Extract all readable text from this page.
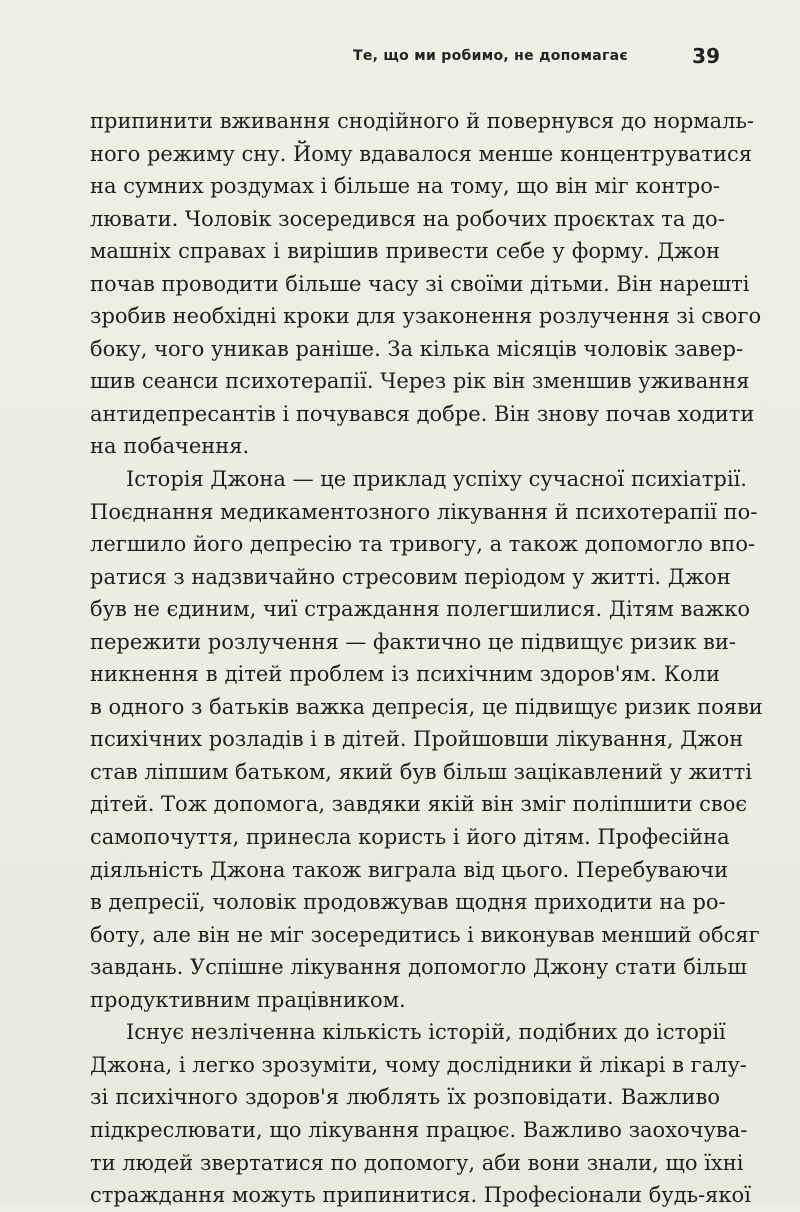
Те, що ми робимо, не допомагає	39
припинити вживання снодійного й повернувся до нормаль-
ного режиму сну. Йому вдавалося менше концентруватися
на сумних роздумах і більше на тому, що він міг контро-
лювати. Чоловік зосередився на робочих проєктах та до-
машніх справах і вирішив привести себе у форму. Джон
почав проводити більше часу зі своїми дітьми. Він нарешті
зробив необхідні кроки для узаконення розлучення зі свого
боку, чого уникав раніше. За кілька місяців чоловік завер-
шив сеанси психотерапії. Через рік він зменшив уживання
антидепресантів і почувався добре. Він знову почав ходити
на побачення.
Історія Джона — це приклад успіху сучасної психіатрії.
Поєднання медикаментозного лікування й психотерапії по-
легшило його депресію та тривогу, а також допомогло впо-
ратися з надзвичайно стресовим періодом у житті. Джон
був не єдиним, чиї страждання полегшилися. Дітям важко
пережити розлучення — фактично це підвищує ризик ви-
никнення в дітей проблем із психічним здоров'ям. Коли
в одного з батьків важка депресія, це підвищує ризик появи
психічних розладів і в дітей. Пройшовши лікування, Джон
став ліпшим батьком, який був більш зацікавлений у житті
дітей. Тож допомога, завдяки якій він зміг поліпшити своє
самопочуття, принесла користь і його дітям. Професійна
діяльність Джона також виграла від цього. Перебуваючи
в депресії, чоловік продовжував щодня приходити на ро-
боту, але він не міг зосередитись і виконував менший обсяг
завдань. Успішне лікування допомогло Джону стати більш
продуктивним працівником.
Існує незліченна кількість історій, подібних до історії
Джона, і легко зрозуміти, чому дослідники й лікарі в галу-
зі психічного здоров'я люблять їх розповідати. Важливо
підкреслювати, що лікування працює. Важливо заохочува-
ти людей звертатися по допомогу, аби вони знали, що їхні
страждання можуть припинитися. Професіонали будь-якої
